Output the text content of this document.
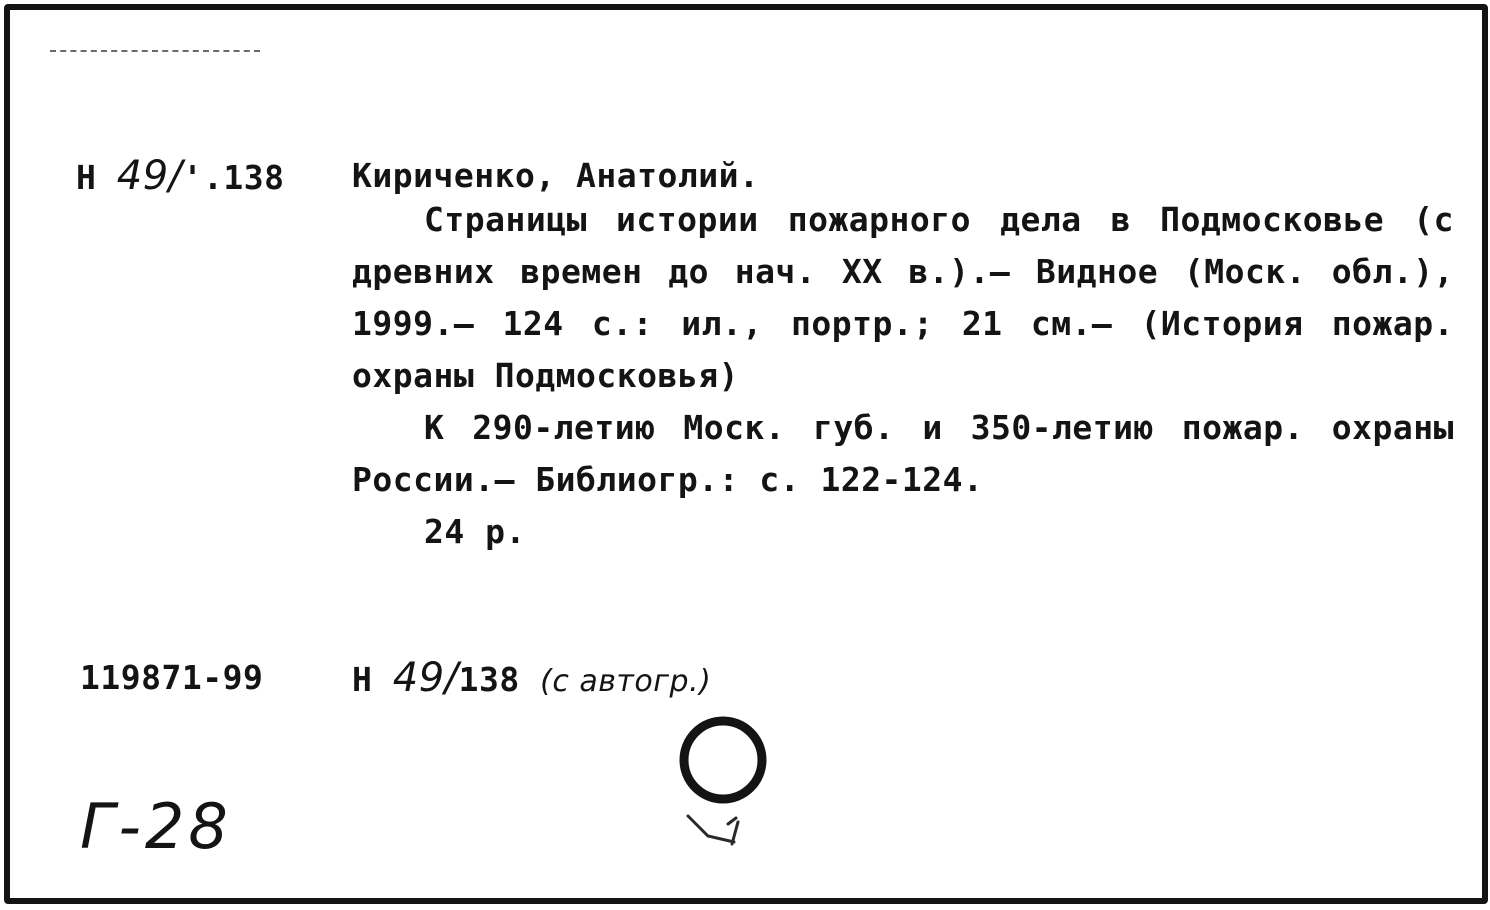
Н 49/'.138 Кириченко, Анатолий.

Страницы истории пожарного дела в Подмосковье (с древних времен до нач. XX в.).– Видное (Моск. обл.), 1999.– 124 с.: ил., портр.; 21 см.– (История пожар. охраны Подмосковья)

К 290-летию Моск. губ. и 350-летию пожар. охраны России.– Библиогр.: с. 122-124.

24 р.

119871-99	Н 49/138 (с автогр.)
Г-28
